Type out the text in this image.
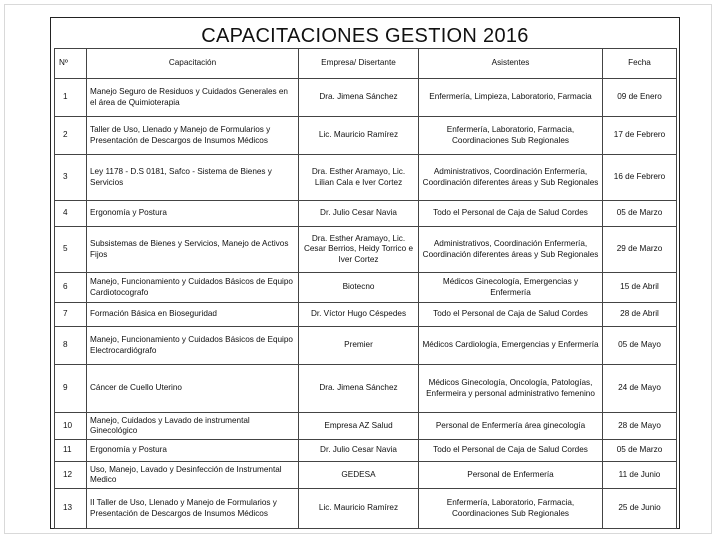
CAPACITACIONES GESTION 2016
Nº	Capacitación	Empresa/ Disertante	Asistentes	Fecha
1	Manejo Seguro de Residuos y Cuidados Generales en el área de Quimioterapia	Dra. Jimena Sánchez	Enfermería, Limpieza, Laboratorio, Farmacia	09 de Enero
2	Taller de Uso, Llenado y Manejo de Formularios y Presentación de Descargos de Insumos Médicos	Lic. Mauricio Ramírez	Enfermería, Laboratorio, Farmacia, Coordinaciones Sub Regionales	17 de Febrero
3	Ley 1178 - D.S 0181, Safco - Sistema de Bienes y Servicios	Dra. Esther Aramayo, Lic. Lilian Cala e Iver Cortez	Administrativos, Coordinación Enfermería, Coordinación diferentes áreas y Sub Regionales	16 de Febrero
4	Ergonomía y Postura	Dr. Julio Cesar Navia	Todo el Personal de Caja de Salud Cordes	05 de Marzo
5	Subsistemas de Bienes y Servicios, Manejo de Activos Fijos	Dra. Esther Aramayo, Lic. Cesar Berrios, Heidy Torrico e Iver Cortez	Administrativos, Coordinación Enfermería, Coordinación diferentes áreas y Sub Regionales	29 de Marzo
6	Manejo, Funcionamiento y Cuidados Básicos de Equipo Cardiotocografo	Biotecno	Médicos Ginecología, Emergencias y Enfermería	15 de Abril
7	Formación Básica en Bioseguridad	Dr. Víctor Hugo Céspedes	Todo el Personal de Caja de Salud Cordes	28 de Abril
8	Manejo, Funcionamiento y Cuidados Básicos de Equipo Electrocardiógrafo	Premier	Médicos Cardiología, Emergencias y Enfermería	05 de Mayo
9	Cáncer de Cuello Uterino	Dra. Jimena Sánchez	Médicos Ginecología, Oncología, Patologías, Enfermeira y personal administrativo femenino	24 de Mayo
10	Manejo, Cuidados y Lavado de instrumental Ginecológico	Empresa AZ Salud	Personal de Enfermería área ginecología	28 de Mayo
11	Ergonomía y Postura	Dr. Julio Cesar Navia	Todo el Personal de Caja de Salud Cordes	05 de Marzo
12	Uso, Manejo, Lavado y Desinfección de Instrumental Medico	GEDESA	Personal de Enfermería	11 de Junio
13	II Taller de Uso, Llenado y Manejo de Formularios y Presentación de Descargos de Insumos Médicos	Lic. Mauricio Ramírez	Enfermería, Laboratorio, Farmacia, Coordinaciones Sub Regionales	25 de Junio
